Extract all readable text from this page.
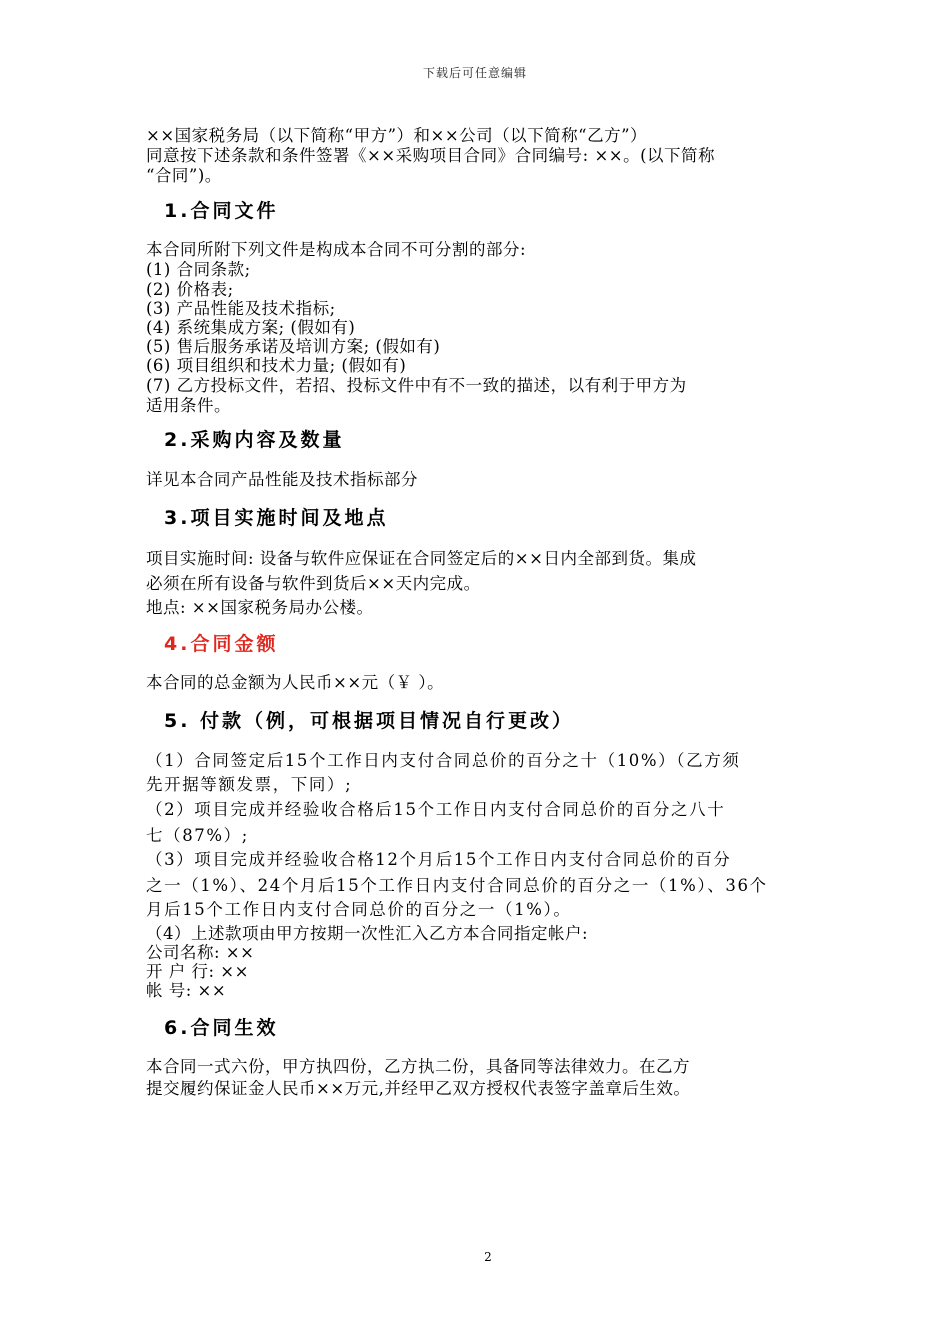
下载后可任意编辑
××国家税务局（以下简称“甲方”）和××公司（以下简称“乙方”）
同意按下述条款和条件签署《××采购项目合同》合同编号: ××。(以下简称
“合同”)。
1.合同文件
本合同所附下列文件是构成本合同不可分割的部分:
(1) 合同条款;
(2) 价格表;
(3) 产品性能及技术指标;
(4) 系统集成方案; (假如有)
(5) 售后服务承诺及培训方案; (假如有)
(6) 项目组织和技术力量; (假如有)
(7) 乙方投标文件，若招、投标文件中有不一致的描述，以有利于甲方为
适用条件。
2.采购内容及数量
详见本合同产品性能及技术指标部分
3.项目实施时间及地点
项目实施时间: 设备与软件应保证在合同签定后的××日内全部到货。集成
必须在所有设备与软件到货后××天内完成。
地点: ××国家税务局办公楼。
4.合同金额
本合同的总金额为人民币××元（￥ ）。
5. 付款（例，可根据项目情况自行更改）
（1）合同签定后15个工作日内支付合同总价的百分之十（10%）（乙方须
先开据等额发票，下同）;
（2）项目完成并经验收合格后15个工作日内支付合同总价的百分之八十
七（87%）;
（3）项目完成并经验收合格12个月后15个工作日内支付合同总价的百分
之一（1%）、24个月后15个工作日内支付合同总价的百分之一（1%）、36个
月后15个工作日内支付合同总价的百分之一（1%）。
（4）上述款项由甲方按期一次性汇入乙方本合同指定帐户:
公司名称: ××
开 户 行: ××
帐 号: ××
6.合同生效
本合同一式六份，甲方执四份，乙方执二份，具备同等法律效力。在乙方
提交履约保证金人民币××万元,并经甲乙双方授权代表签字盖章后生效。
2
